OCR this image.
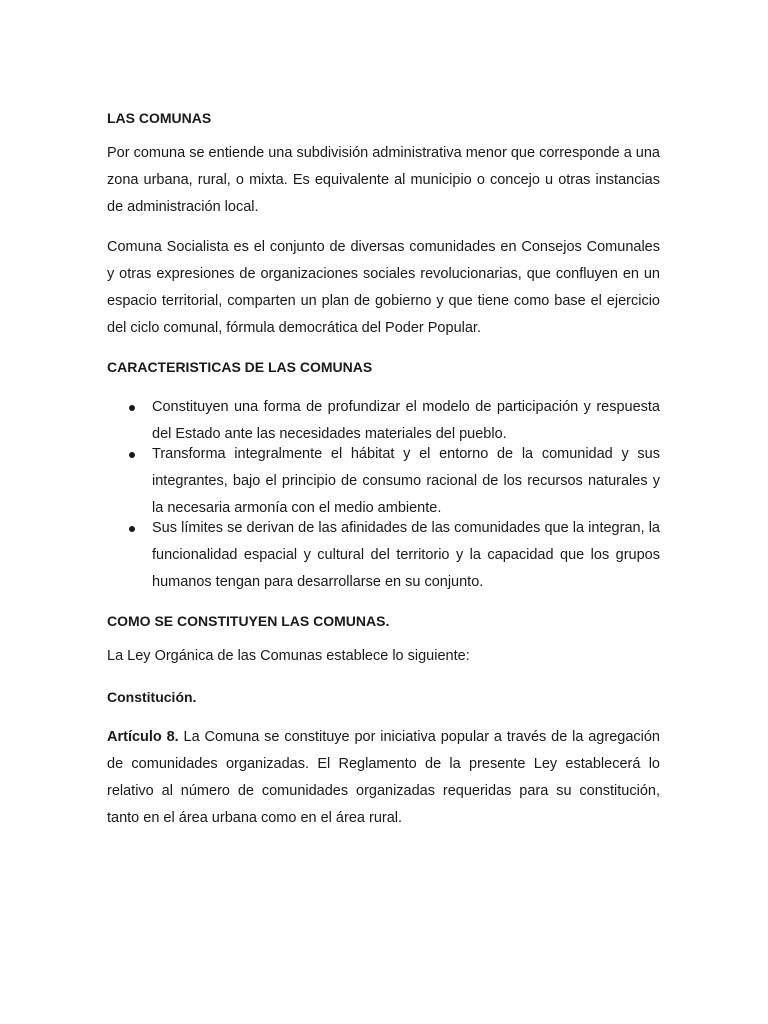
LAS COMUNAS

Por comuna se entiende una subdivisión administrativa menor que corresponde a una zona urbana, rural, o mixta. Es equivalente al municipio o concejo u otras instancias de administración local.

Comuna Socialista es el conjunto de diversas comunidades en Consejos Comunales y otras expresiones de organizaciones sociales revolucionarias, que confluyen en un espacio territorial, comparten un plan de gobierno y que tiene como base el ejercicio del ciclo comunal, fórmula democrática del Poder Popular.

CARACTERISTICAS DE LAS COMUNAS

Constituyen una forma de profundizar el modelo de participación y respuesta del Estado ante las necesidades materiales del pueblo.
Transforma integralmente el hábitat y el entorno de la comunidad y sus integrantes, bajo el principio de consumo racional de los recursos naturales y la necesaria armonía con el medio ambiente.
Sus límites se derivan de las afinidades de las comunidades que la integran, la funcionalidad espacial y cultural del territorio y la capacidad que los grupos humanos tengan para desarrollarse en su conjunto.

COMO SE CONSTITUYEN LAS COMUNAS.

La Ley Orgánica de las Comunas establece lo siguiente:

Constitución.

Artículo 8. La Comuna se constituye por iniciativa popular a través de la agregación de comunidades organizadas. El Reglamento de la presente Ley establecerá lo relativo al número de comunidades organizadas requeridas para su constitución, tanto en el área urbana como en el área rural.
